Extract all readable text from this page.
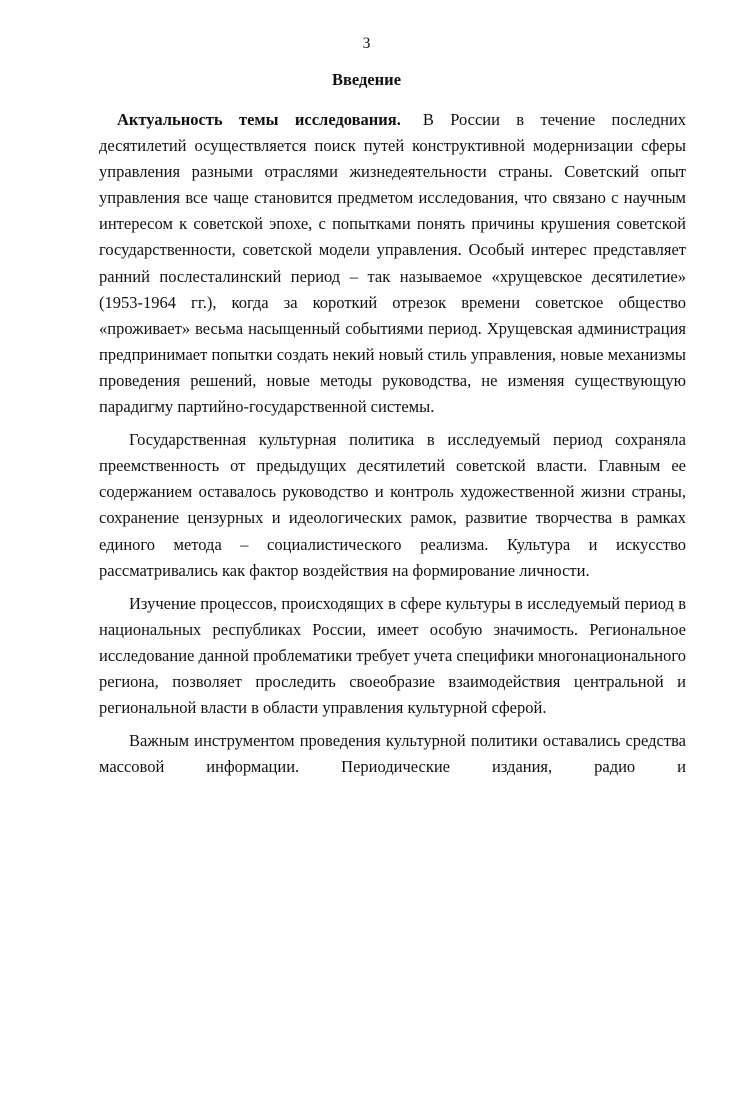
3
Введение

Актуальность темы исследования. В России в течение последних десятилетий осуществляется поиск путей конструктивной модернизации сферы управления разными отраслями жизнедеятельности страны. Советский опыт управления все чаще становится предметом исследования, что связано с научным интересом к советской эпохе, с попытками понять причины крушения советской государственности, советской модели управления. Особый интерес представляет ранний послесталинский период – так называемое «хрущевское десятилетие» (1953-1964 гг.), когда за короткий отрезок времени советское общество «проживает» весьма насыщенный событиями период. Хрущевская администрация предпринимает попытки создать некий новый стиль управления, новые механизмы проведения решений, новые методы руководства, не изменяя существующую парадигму партийно-государственной системы.

Государственная культурная политика в исследуемый период сохраняла преемственность от предыдущих десятилетий советской власти. Главным ее содержанием оставалось руководство и контроль художественной жизни страны, сохранение цензурных и идеологических рамок, развитие творчества в рамках единого метода – социалистического реализма. Культура и искусство рассматривались как фактор воздействия на формирование личности.

Изучение процессов, происходящих в сфере культуры в исследуемый период в национальных республиках России, имеет особую значимость. Региональное исследование данной проблематики требует учета специфики многонационального региона, позволяет проследить своеобразие взаимодействия центральной и региональной власти в области управления культурной сферой.

Важным инструментом проведения культурной политики оставались средства массовой информации. Периодические издания, радио и
